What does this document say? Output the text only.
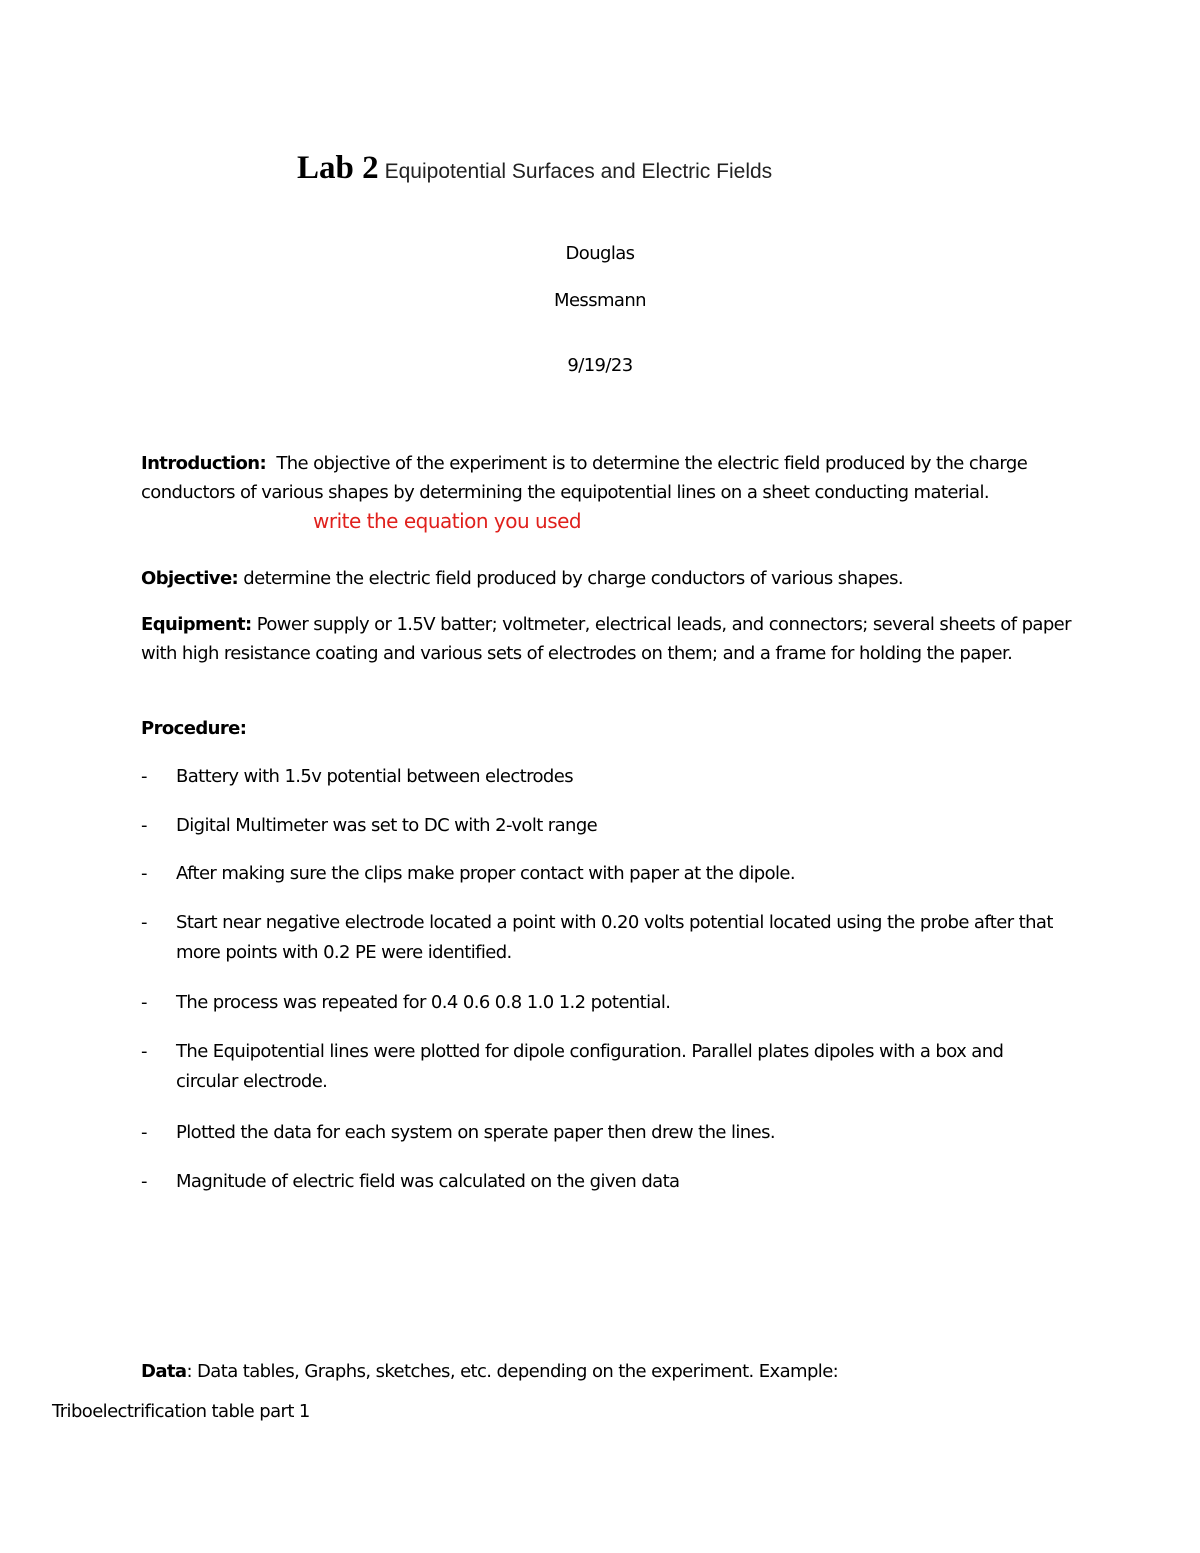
Lab 2 Equipotential Surfaces and Electric Fields
Douglas
Messmann
9/19/23
Introduction: The objective of the experiment is to determine the electric field produced by the charge conductors of various shapes by determining the equipotential lines on a sheet conducting material.
write the equation you used
Objective: determine the electric field produced by charge conductors of various shapes.
Equipment: Power supply or 1.5V batter; voltmeter, electrical leads, and connectors; several sheets of paper with high resistance coating and various sets of electrodes on them; and a frame for holding the paper.
Procedure:
- Battery with 1.5v potential between electrodes
- Digital Multimeter was set to DC with 2-volt range
- After making sure the clips make proper contact with paper at the dipole.
- Start near negative electrode located a point with 0.20 volts potential located using the probe after that more points with 0.2 PE were identified.
- The process was repeated for 0.4 0.6 0.8 1.0 1.2 potential.
- The Equipotential lines were plotted for dipole configuration. Parallel plates dipoles with a box and circular electrode.
- Plotted the data for each system on sperate paper then drew the lines.
- Magnitude of electric field was calculated on the given data
Data: Data tables, Graphs, sketches, etc. depending on the experiment. Example:
Triboelectrification table part 1
